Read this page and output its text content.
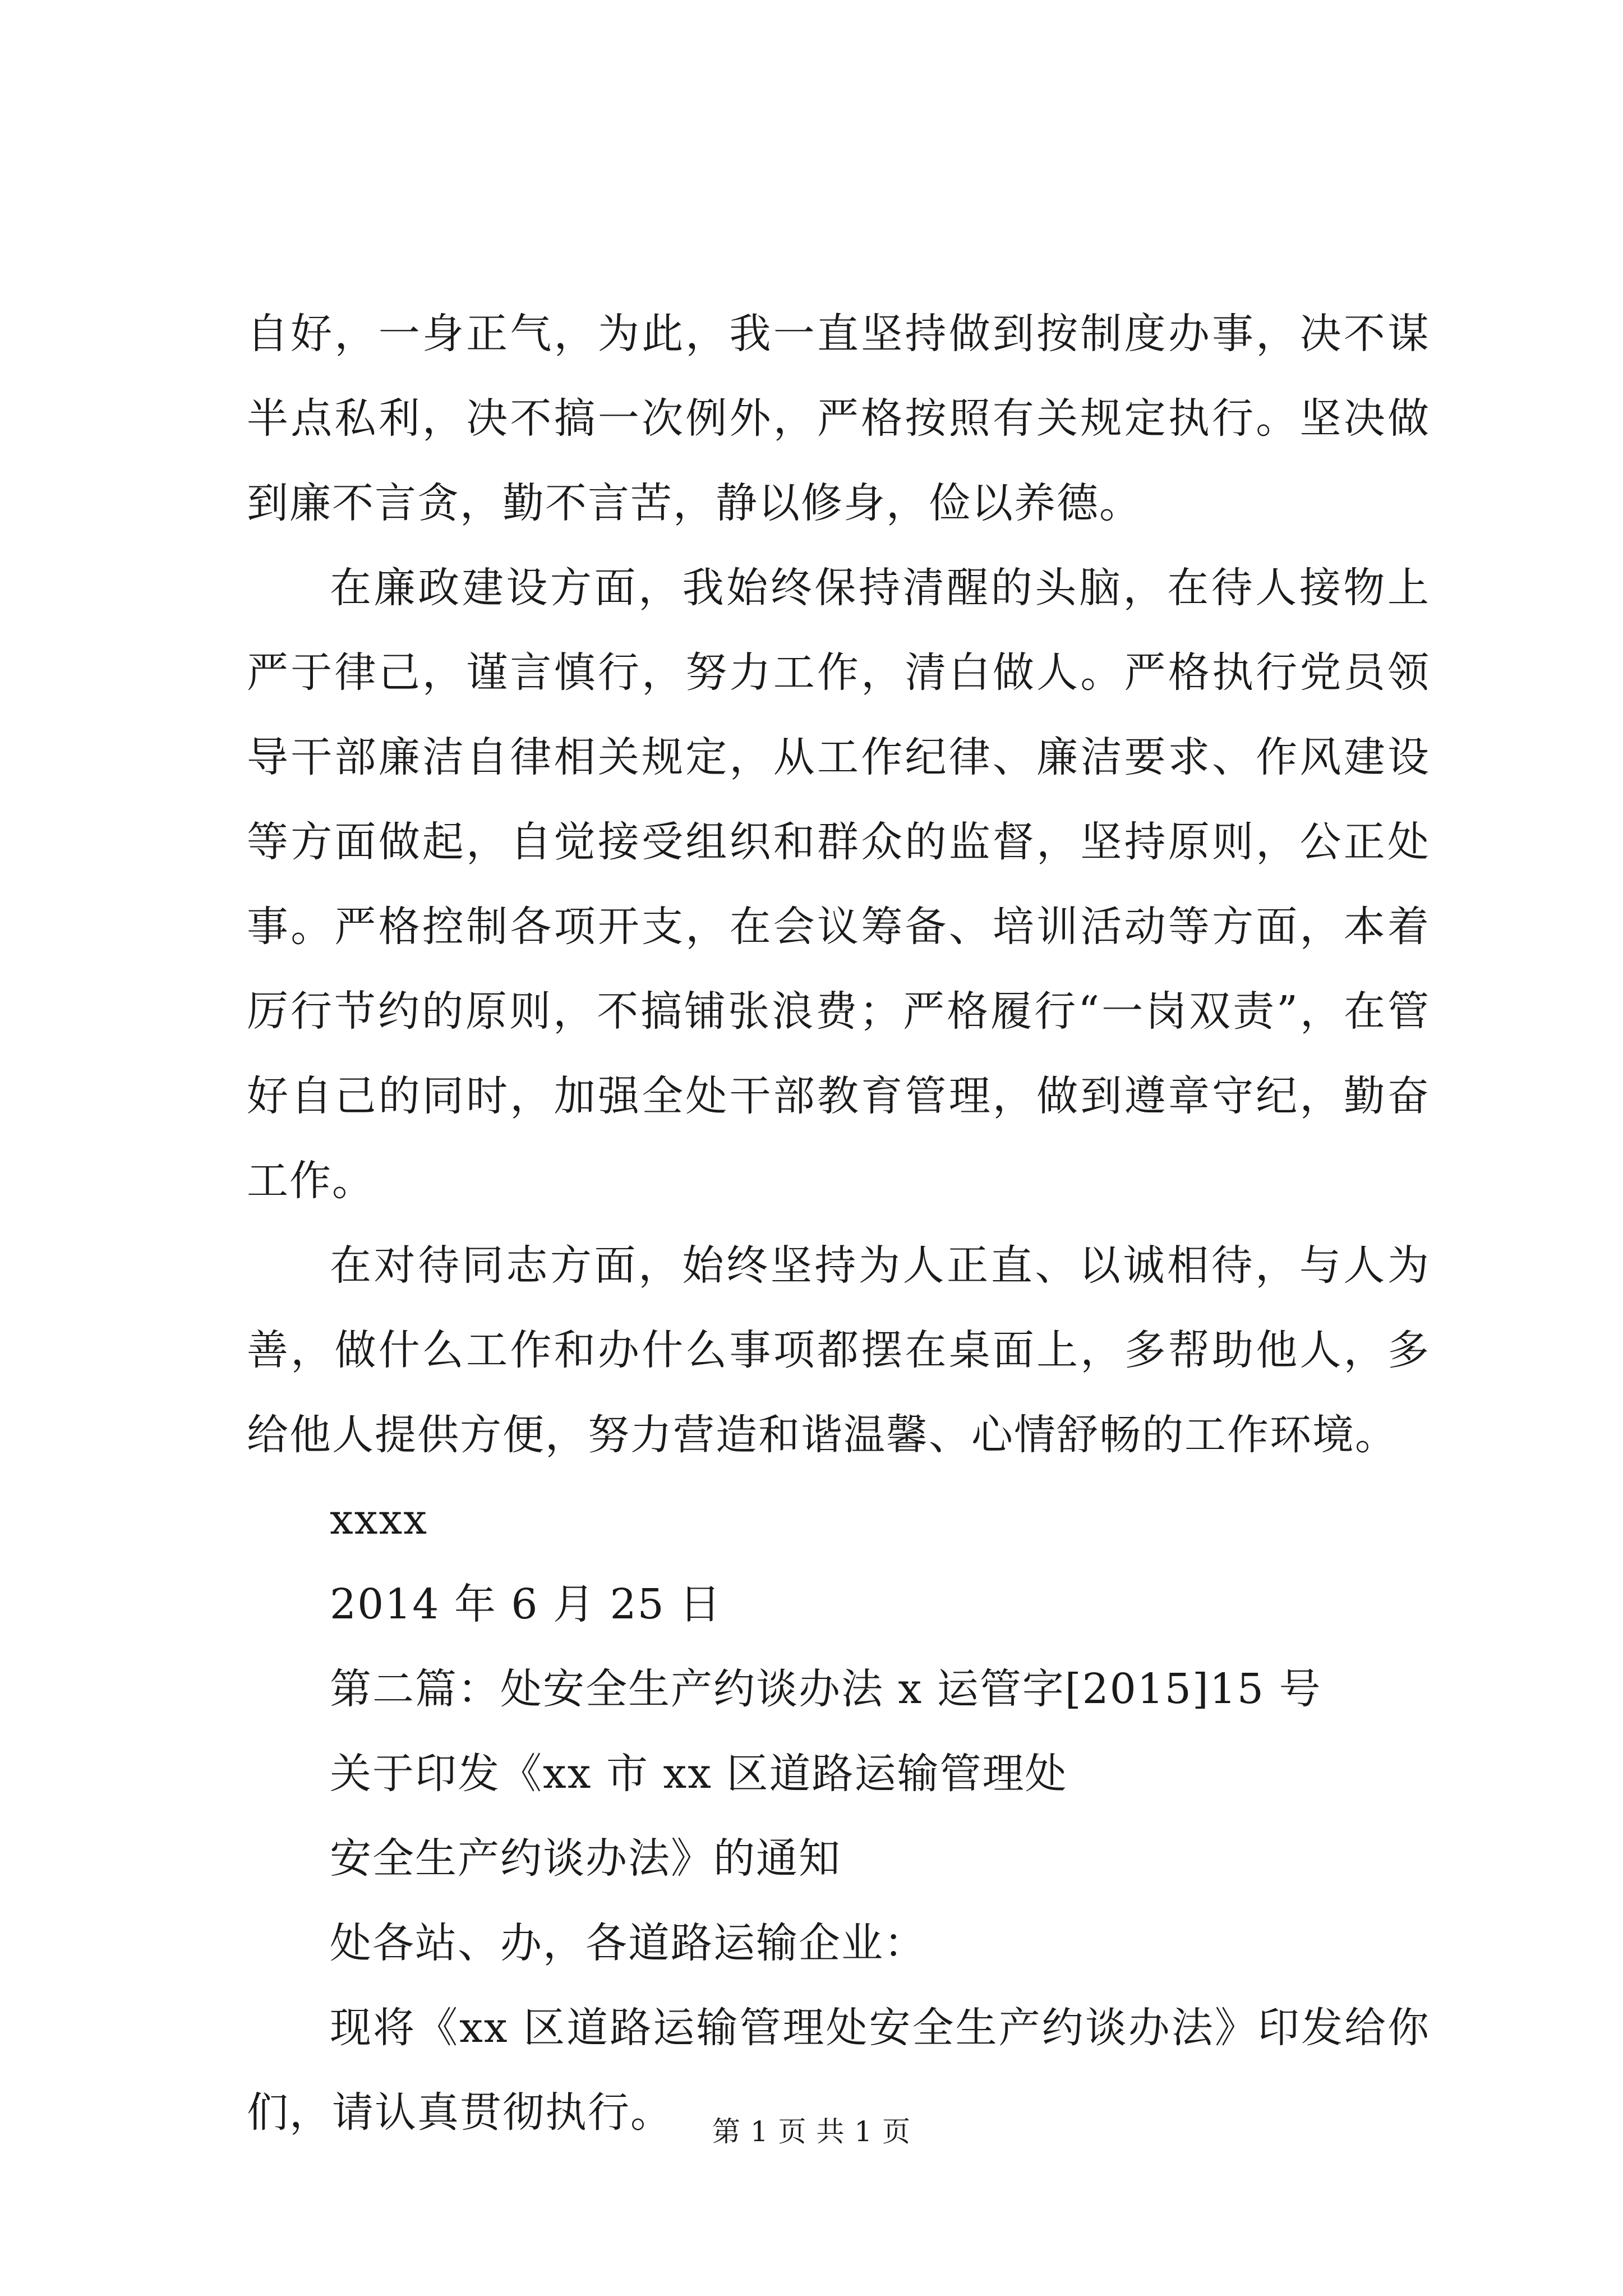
自好，一身正气，为此，我一直坚持做到按制度办事，决不谋半点私利，决不搞一次例外，严格按照有关规定执行。坚决做到廉不言贪，勤不言苦，静以修身，俭以养德。

在廉政建设方面，我始终保持清醒的头脑，在待人接物上严于律己，谨言慎行，努力工作，清白做人。严格执行党员领导干部廉洁自律相关规定，从工作纪律、廉洁要求、作风建设等方面做起，自觉接受组织和群众的监督，坚持原则，公正处事。严格控制各项开支，在会议筹备、培训活动等方面，本着厉行节约的原则，不搞铺张浪费；严格履行“一岗双责”，在管好自己的同时，加强全处干部教育管理，做到遵章守纪，勤奋工作。

在对待同志方面，始终坚持为人正直、以诚相待，与人为善，做什么工作和办什么事项都摆在桌面上，多帮助他人，多给他人提供方便，努力营造和谐温馨、心情舒畅的工作环境。

xxxx

2014 年 6 月 25 日

第二篇：处安全生产约谈办法 x 运管字[2015]15 号

关于印发《xx 市 xx 区道路运输管理处

安全生产约谈办法》的通知

处各站、办，各道路运输企业：

现将《xx 区道路运输管理处安全生产约谈办法》印发给你们，请认真贯彻执行。	第 1 页 共 1 页
